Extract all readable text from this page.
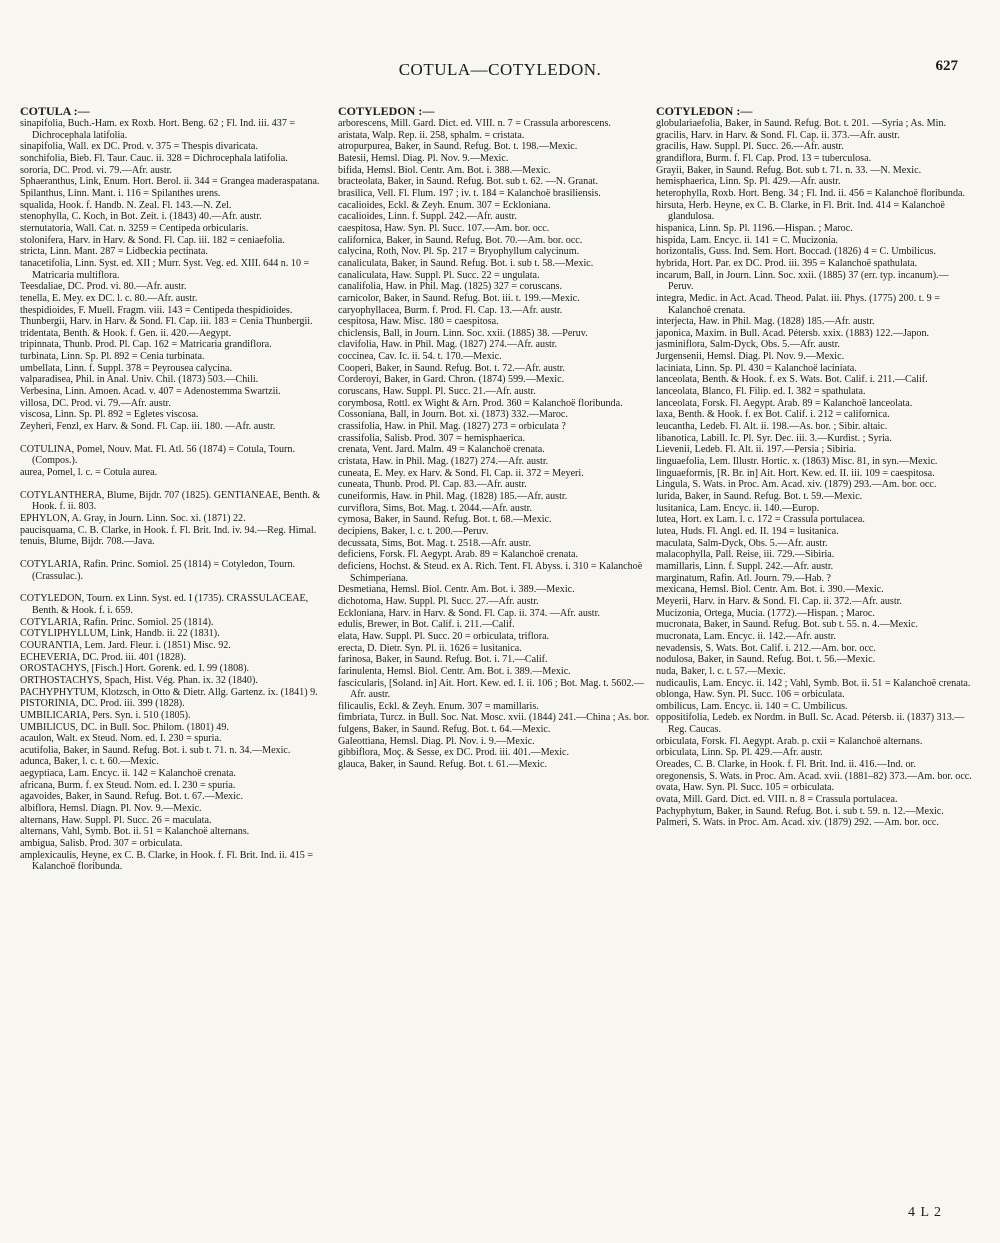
COTULA—COTYLEDON.	627
COTULA :—
sinapifolia, Buch.-Ham. ex Roxb. Hort. Beng. 62 ; Fl. Ind. iii. 437 = Dichrocephala latifolia.
sinapifolia, Wall. ex DC. Prod. v. 375 = Thespis divaricata.
sonchifolia, Bieb. Fl. Taur. Cauc. ii. 328 = Dichrocephala latifolia.
sororia, DC. Prod. vi. 79.—Afr. austr.
Sphaeranthus, Link, Enum. Hort. Berol. ii. 344 = Grangea maderaspatana.
Spilanthus, Linn. Mant. i. 116 = Spilanthes urens.
squalida, Hook. f. Handb. N. Zeal. Fl. 143.—N. Zel.
stenophylla, C. Koch, in Bot. Zeit. i. (1843) 40.—Afr. austr.
sternutatoria, Wall. Cat. n. 3259 = Centipeda orbicularis.
stolonifera, Harv. in Harv. & Sond. Fl. Cap. iii. 182 = ceniaefolia.
stricta, Linn. Mant. 287 = Lidbeckia pectinata.
tanacetifolia, Linn. Syst. ed. XII ; Murr. Syst. Veg. ed. XIII. 644 n. 10 = Matricaria multiflora.
Teesdaliae, DC. Prod. vi. 80.—Afr. austr.
tenella, E. Mey. ex DC. l. c. 80.—Afr. austr.
thespidioides, F. Muell. Fragm. viii. 143 = Centipeda thespidioides.
Thunbergii, Harv. in Harv. & Sond. Fl. Cap. iii. 183 = Cenia Thunbergii.
tridentata, Benth. & Hook. f. Gen. ii. 420.—Aegypt.
tripinnata, Thunb. Prod. Pl. Cap. 162 = Matricaria grandiflora.
turbinata, Linn. Sp. Pl. 892 = Cenia turbinata.
umbellata, Linn. f. Suppl. 378 = Peyrousea calycina.
valparadisea, Phil. in Anal. Univ. Chil. (1873) 503.—Chili.
Verbesina, Linn. Amoen. Acad. v. 407 = Adenostemma Swartzii.
villosa, DC. Prod. vi. 79.—Afr. austr.
viscosa, Linn. Sp. Pl. 892 = Egletes viscosa.
Zeyheri, Fenzl, ex Harv. & Sond. Fl. Cap. iii. 180. —Afr. austr.
COTULINA, Pomel, Nouv. Mat. Fl. Atl. 56 (1874) = Cotula, Tourn. (Compos.).
aurea, Pomel, l. c. = Cotula aurea.
COTYLANTHERA, Blume, Bijdr. 707 (1825). GENTIANEAE, Benth. & Hook. f. ii. 803.
EPHYLON, A. Gray, in Journ. Linn. Soc. xi. (1871) 22.
paucisquama, C. B. Clarke, in Hook. f. Fl. Brit. Ind. iv. 94.—Reg. Himal.
tenuis, Blume, Bijdr. 708.—Java.
COTYLARIA, Rafin. Princ. Somiol. 25 (1814) = Cotyledon, Tourn. (Crassulac.).
COTYLEDON, Tourn. ex Linn. Syst. ed. I (1735). CRASSULACEAE, Benth. & Hook. f. i. 659.
COTYLARIA, Rafin. Princ. Somiol. 25 (1814).
COTYLIPHYLLUM, Link, Handb. ii. 22 (1831).
COURANTIA, Lem. Jard. Fleur. i. (1851) Misc. 92.
ECHEVERIA, DC. Prod. iii. 401 (1828).
OROSTACHYS, [Fisch.] Hort. Gorenk. ed. I. 99 (1808).
ORTHOSTACHYS, Spach, Hist. Vég. Phan. ix. 32 (1840).
PACHYPHYTUM, Klotzsch, in Otto & Dietr. Allg. Gartenz. ix. (1841) 9.
PISTORINIA, DC. Prod. iii. 399 (1828).
UMBILICARIA, Pers. Syn. i. 510 (1805).
UMBILICUS, DC. in Bull. Soc. Philom. (1801) 49.
acaulon, Walt. ex Steud. Nom. ed. I. 230 = spuria.
acutifolia, Baker, in Saund. Refug. Bot. i. sub t. 71. n. 34.—Mexic.
adunca, Baker, l. c. t. 60.—Mexic.
aegyptiaca, Lam. Encyc. ii. 142 = Kalanchoë crenata.
africana, Burm. f. ex Steud. Nom. ed. I. 230 = spuria.
agavoides, Baker, in Saund. Refug. Bot. t. 67.—Mexic.
albiflora, Hemsl. Diagn. Pl. Nov. 9.—Mexic.
alternans, Haw. Suppl. Pl. Succ. 26 = maculata.
alternans, Vahl, Symb. Bot. ii. 51 = Kalanchoë alternans.
ambigua, Salisb. Prod. 307 = orbiculata.
amplexicaulis, Heyne, ex C. B. Clarke, in Hook. f. Fl. Brit. Ind. ii. 415 = Kalanchoë floribunda.
COTYLEDON :—
arborescens, Mill. Gard. Dict. ed. VIII. n. 7 = Crassula arborescens.
aristata, Walp. Rep. ii. 258, sphalm. = cristata.
atropurpurea, Baker, in Saund. Refug. Bot. t. 198.—Mexic.
Batesii, Hemsl. Diag. Pl. Nov. 9.—Mexic.
bifida, Hemsl. Biol. Centr. Am. Bot. i. 388.—Mexic.
bracteolata, Baker, in Saund. Refug. Bot. sub t. 62. —N. Granat.
brasilica, Vell. Fl. Flum. 197 ; iv. t. 184 = Kalanchoë brasiliensis.
cacalioides, Eckl. & Zeyh. Enum. 307 = Eckloniana.
cacalioides, Linn. f. Suppl. 242.—Afr. austr.
caespitosa, Haw. Syn. Pl. Succ. 107.—Am. bor. occ.
californica, Baker, in Saund. Refug. Bot. 70.—Am. bor. occ.
calycina, Roth, Nov. Pl. Sp. 217 = Bryophyllum calycinum.
canaliculata, Baker, in Saund. Refug. Bot. i. sub t. 58.—Mexic.
canaliculata, Haw. Suppl. Pl. Succ. 22 = ungulata.
canalifolia, Haw. in Phil. Mag. (1825) 327 = coruscans.
carnicolor, Baker, in Saund. Refug. Bot. iii. t. 199.—Mexic.
caryophyllacea, Burm. f. Prod. Fl. Cap. 13.—Afr. austr.
cespitosa, Haw. Misc. 180 = caespitosa.
chiclensis, Ball, in Journ. Linn. Soc. xxii. (1885) 38. —Peruv.
clavifolia, Haw. in Phil. Mag. (1827) 274.—Afr. austr.
coccinea, Cav. Ic. ii. 54. t. 170.—Mexic.
Cooperi, Baker, in Saund. Refug. Bot. t. 72.—Afr. austr.
Corderoyi, Baker, in Gard. Chron. (1874) 599.—Mexic.
coruscans, Haw. Suppl. Pl. Succ. 21.—Afr. austr.
corymbosa, Rottl. ex Wight & Arn. Prod. 360 = Kalanchoë floribunda.
Cossoniana, Ball, in Journ. Bot. xi. (1873) 332.—Maroc.
crassifolia, Haw. in Phil. Mag. (1827) 273 = orbiculata ?
crassifolia, Salisb. Prod. 307 = hemisphaerica.
crenata, Vent. Jard. Malm. 49 = Kalanchoë crenata.
cristata, Haw. in Phil. Mag. (1827) 274.—Afr. austr.
cuneata, E. Mey. ex Harv. & Sond. Fl. Cap. ii. 372 = Meyeri.
cuneata, Thunb. Prod. Pl. Cap. 83.—Afr. austr.
cuneiformis, Haw. in Phil. Mag. (1828) 185.—Afr. austr.
curviflora, Sims, Bot. Mag. t. 2044.—Afr. austr.
cymosa, Baker, in Saund. Refug. Bot. t. 68.—Mexic.
decipiens, Baker, l. c. t. 200.—Peruv.
decussata, Sims, Bot. Mag. t. 2518.—Afr. austr.
deficiens, Forsk. Fl. Aegypt. Arab. 89 = Kalanchoë crenata.
deficiens, Hochst. & Steud. ex A. Rich. Tent. Fl. Abyss. i. 310 = Kalanchoë Schimperiana.
Desmetiana, Hemsl. Biol. Centr. Am. Bot. i. 389.—Mexic.
dichotoma, Haw. Suppl. Pl. Succ. 27.—Afr. austr.
Eckloniana, Harv. in Harv. & Sond. Fl. Cap. ii. 374. —Afr. austr.
edulis, Brewer, in Bot. Calif. i. 211.—Calif.
elata, Haw. Suppl. Pl. Succ. 20 = orbiculata, triflora.
erecta, D. Dietr. Syn. Pl. ii. 1626 = lusitanica.
farinosa, Baker, in Saund. Refug. Bot. i. 71.—Calif.
farinulenta, Hemsl. Biol. Centr. Am. Bot. i. 389.—Mexic.
fascicularis, [Soland. in] Ait. Hort. Kew. ed. I. ii. 106 ; Bot. Mag. t. 5602.—Afr. austr.
filicaulis, Eckl. & Zeyh. Enum. 307 = mamillaris.
fimbriata, Turcz. in Bull. Soc. Nat. Mosc. xvii. (1844) 241.—China ; As. bor.
fulgens, Baker, in Saund. Refug. Bot. t. 64.—Mexic.
Galeottiana, Hemsl. Diag. Pl. Nov. i. 9.—Mexic.
gibbiflora, Moç. & Sesse, ex DC. Prod. iii. 401.—Mexic.
glauca, Baker, in Saund. Refug. Bot. t. 61.—Mexic.
COTYLEDON :—
globulariaefolia, Baker, in Saund. Refug. Bot. t. 201. —Syria ; As. Min.
gracilis, Harv. in Harv. & Sond. Fl. Cap. ii. 373.—Afr. austr.
gracilis, Haw. Suppl. Pl. Succ. 26.—Afr. austr.
grandiflora, Burm. f. Fl. Cap. Prod. 13 = tuberculosa.
Grayii, Baker, in Saund. Refug. Bot. sub t. 71. n. 33. —N. Mexic.
hemisphaerica, Linn. Sp. Pl. 429.—Afr. austr.
heterophylla, Roxb. Hort. Beng. 34 ; Fl. Ind. ii. 456 = Kalanchoë floribunda.
hirsuta, Herb. Heyne, ex C. B. Clarke, in Fl. Brit. Ind. 414 = Kalanchoë glandulosa.
hispanica, Linn. Sp. Pl. 1196.—Hispan. ; Maroc.
hispida, Lam. Encyc. ii. 141 = C. Mucizonia.
horizontalis, Guss. Ind. Sem. Hort. Boccad. (1826) 4 = C. Umbilicus.
hybrida, Hort. Par. ex DC. Prod. iii. 395 = Kalanchoë spathulata.
incarum, Ball, in Journ. Linn. Soc. xxii. (1885) 37 (err. typ. incanum).—Peruv.
integra, Medic. in Act. Acad. Theod. Palat. iii. Phys. (1775) 200. t. 9 = Kalanchoë crenata.
interjecta, Haw. in Phil. Mag. (1828) 185.—Afr. austr.
japonica, Maxim. in Bull. Acad. Pétersb. xxix. (1883) 122.—Japon.
jasminiflora, Salm-Dyck, Obs. 5.—Afr. austr.
Jurgensenii, Hemsl. Diag. Pl. Nov. 9.—Mexic.
laciniata, Linn. Sp. Pl. 430 = Kalanchoë laciniata.
lanceolata, Benth. & Hook. f. ex S. Wats. Bot. Calif. i. 211.—Calif.
lanceolata, Blanco, Fl. Filip. ed. I. 382 = spathulata.
lanceolata, Forsk. Fl. Aegypt. Arab. 89 = Kalanchoë lanceolata.
laxa, Benth. & Hook. f. ex Bot. Calif. i. 212 = californica.
leucantha, Ledeb. Fl. Alt. ii. 198.—As. bor. ; Sibir. altaic.
libanotica, Labill. Ic. Pl. Syr. Dec. iii. 3.—Kurdist. ; Syria.
Lievenii, Ledeb. Fl. Alt. ii. 197.—Persia ; Sibiria.
linguaefolia, Lem. Illustr. Hortic. x. (1863) Misc. 81, in syn.—Mexic.
linguaeformis, [R. Br. in] Ait. Hort. Kew. ed. II. iii. 109 = caespitosa.
Lingula, S. Wats. in Proc. Am. Acad. xiv. (1879) 293.—Am. bor. occ.
lurida, Baker, in Saund. Refug. Bot. t. 59.—Mexic.
lusitanica, Lam. Encyc. ii. 140.—Europ.
lutea, Hort. ex Lam. l. c. 172 = Crassula portulacea.
lutea, Huds. Fl. Angl. ed. II. 194 = lusitanica.
maculata, Salm-Dyck, Obs. 5.—Afr. austr.
malacophylla, Pall. Reise, iii. 729.—Sibiria.
mamillaris, Linn. f. Suppl. 242.—Afr. austr.
marginatum, Rafin. Atl. Journ. 79.—Hab. ?
mexicana, Hemsl. Biol. Centr. Am. Bot. i. 390.—Mexic.
Meyerii, Harv. in Harv. & Sond. Fl. Cap. ii. 372.—Afr. austr.
Mucizonia, Ortega, Mucia. (1772).—Hispan. ; Maroc.
mucronata, Baker, in Saund. Refug. Bot. sub t. 55. n. 4.—Mexic.
mucronata, Lam. Encyc. ii. 142.—Afr. austr.
nevadensis, S. Wats. Bot. Calif. i. 212.—Am. bor. occ.
nodulosa, Baker, in Saund. Refug. Bot. t. 56.—Mexic.
nuda, Baker, l. c. t. 57.—Mexic.
nudicaulis, Lam. Encyc. ii. 142 ; Vahl, Symb. Bot. ii. 51 = Kalanchoë crenata.
oblonga, Haw. Syn. Pl. Succ. 106 = orbiculata.
ombilicus, Lam. Encyc. ii. 140 = C. Umbilicus.
oppositifolia, Ledeb. ex Nordm. in Bull. Sc. Acad. Pétersb. ii. (1837) 313.—Reg. Caucas.
orbiculata, Forsk. Fl. Aegypt. Arab. p. cxii = Kalanchoë alternans.
orbiculata, Linn. Sp. Pl. 429.—Afr. austr.
Oreades, C. B. Clarke, in Hook. f. Fl. Brit. Ind. ii. 416.—Ind. or.
oregonensis, S. Wats. in Proc. Am. Acad. xvii. (1881–82) 373.—Am. bor. occ.
ovata, Haw. Syn. Pl. Succ. 105 = orbiculata.
ovata, Mill. Gard. Dict. ed. VIII. n. 8 = Crassula portulacea.
Pachyphytum, Baker, in Saund. Refug. Bot. i. sub t. 59. n. 12.—Mexic.
Palmeri, S. Wats. in Proc. Am. Acad. xiv. (1879) 292. —Am. bor. occ.
4 L 2
